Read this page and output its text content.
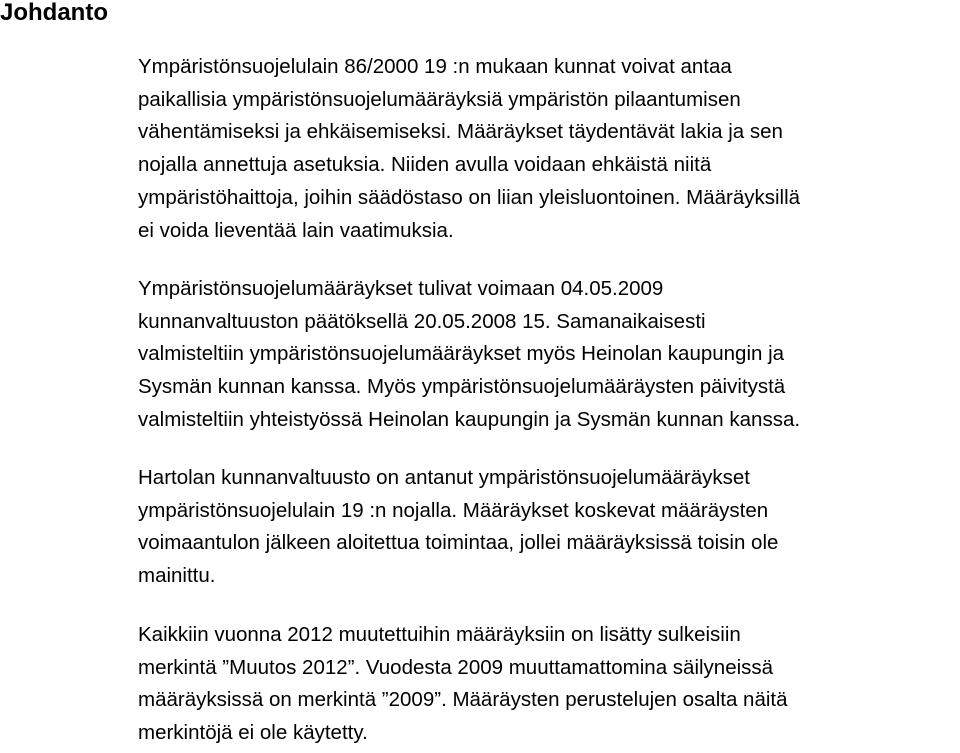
Johdanto
Ympäristönsuojelulain 86/2000 19 :n mukaan kunnat voivat antaa
paikallisia ympäristönsuojelumääräyksiä ympäristön pilaantumisen
vähentämiseksi ja ehkäisemiseksi. Määräykset täydentävät lakia ja sen
nojalla annettuja asetuksia. Niiden avulla voidaan ehkäistä niitä
ympäristöhaittoja, joihin säädöstaso on liian yleisluontoinen. Määräyksillä
ei voida lieventää lain vaatimuksia.
Ympäristönsuojelumääräykset tulivat voimaan 04.05.2009
kunnanvaltuuston päätöksellä 20.05.2008 15. Samanaikaisesti
valmisteltiin ympäristönsuojelumääräykset myös Heinolan kaupungin ja
Sysmän kunnan kanssa. Myös ympäristönsuojelumääräysten päivitystä
valmisteltiin yhteistyössä Heinolan kaupungin ja Sysmän kunnan kanssa.
Hartolan kunnanvaltuusto on antanut ympäristönsuojelumääräykset
ympäristönsuojelulain 19 :n nojalla. Määräykset koskevat määräysten
voimaantulon jälkeen aloitettua toimintaa, jollei määräyksissä toisin ole
mainittu.
Kaikkiin vuonna 2012 muutettuihin määräyksiin on lisätty sulkeisiin
merkintä ”Muutos 2012”. Vuodesta 2009 muuttamattomina säilyneissä
määräyksissä on merkintä ”2009”. Määräysten perustelujen osalta näitä
merkintöjä ei ole käytetty.
